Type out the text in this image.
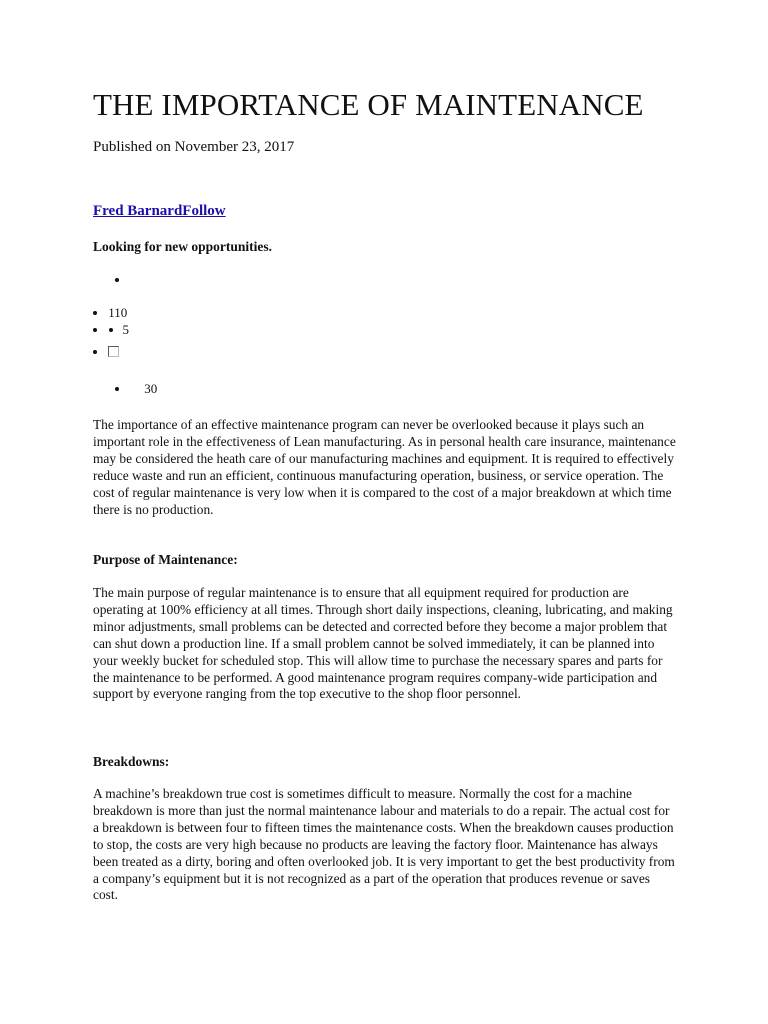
THE IMPORTANCE OF MAINTENANCE
Published on November 23, 2017
Fred BarnardFollow
Looking for new opportunities.
110
5

30

The importance of an effective maintenance program can never be overlooked because it plays such an important role in the effectiveness of Lean manufacturing. As in personal health care insurance, maintenance may be considered the heath care of our manufacturing machines and equipment. It is required to effectively reduce waste and run an efficient, continuous manufacturing operation, business, or service operation. The cost of regular maintenance is very low when it is compared to the cost of a major breakdown at which time there is no production.

Purpose of Maintenance:

The main purpose of regular maintenance is to ensure that all equipment required for production are operating at 100% efficiency at all times. Through short daily inspections, cleaning, lubricating, and making minor adjustments, small problems can be detected and corrected before they become a major problem that can shut down a production line. If a small problem cannot be solved immediately, it can be planned into your weekly bucket for scheduled stop. This will allow time to purchase the necessary spares and parts for the maintenance to be performed. A good maintenance program requires company-wide participation and support by everyone ranging from the top executive to the shop floor personnel.

Breakdowns:

A machine’s breakdown true cost is sometimes difficult to measure. Normally the cost for a machine breakdown is more than just the normal maintenance labour and materials to do a repair. The actual cost for a breakdown is between four to fifteen times the maintenance costs. When the breakdown causes production to stop, the costs are very high because no products are leaving the factory floor. Maintenance has always been treated as a dirty, boring and often overlooked job. It is very important to get the best productivity from a company’s equipment but it is not recognized as a part of the operation that produces revenue or saves cost.
